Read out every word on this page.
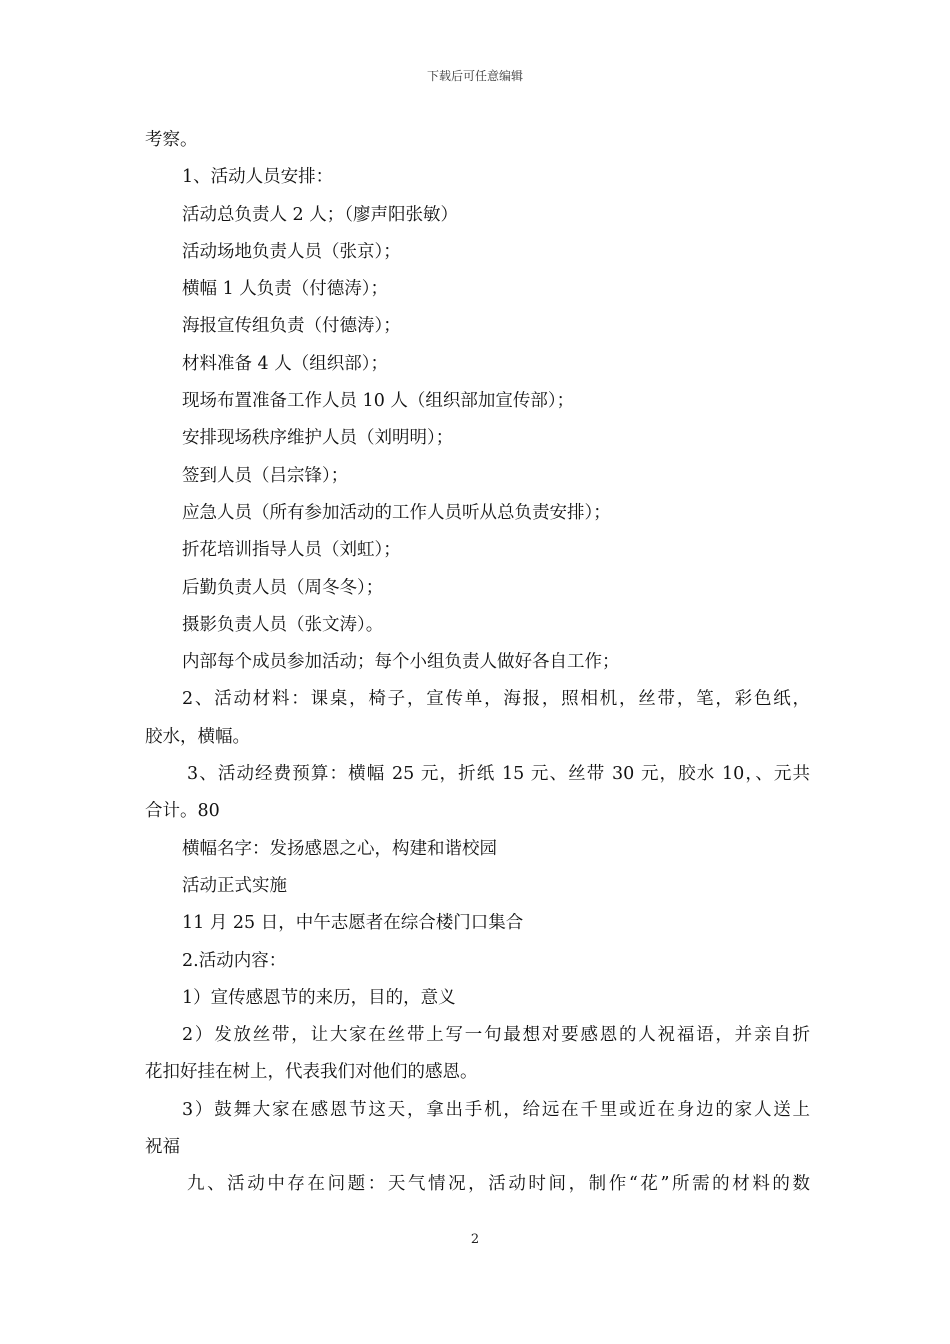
下载后可任意编辑
考察。
1、活动人员安排：
活动总负责人 2 人；（廖声阳张敏）
活动场地负责人员（张京）；
横幅 1 人负责（付德涛）；
海报宣传组负责（付德涛）；
材料准备 4 人（组织部）；
现场布置准备工作人员 10 人（组织部加宣传部）；
安排现场秩序维护人员（刘明明）；
签到人员（吕宗锋）；
应急人员（所有参加活动的工作人员听从总负责安排）；
折花培训指导人员（刘虹）；
后勤负责人员（周冬冬）；
摄影负责人员（张文涛）。
内部每个成员参加活动；每个小组负责人做好各自工作；
2、活动材料：课桌，椅子，宣传单，海报，照相机，丝带，笔，彩色纸，
胶水，横幅。
3、活动经费预算：横幅 25 元，折纸 15 元、丝带 30 元，胶水 10，、元共
合计。80
横幅名字：发扬感恩之心，构建和谐校园
活动正式实施
11 月 25 日，中午志愿者在综合楼门口集合
2.活动内容：
1）宣传感恩节的来历，目的，意义
2）发放丝带，让大家在丝带上写一句最想对要感恩的人祝福语，并亲自折
花扣好挂在树上，代表我们对他们的感恩。
3）鼓舞大家在感恩节这天，拿出手机，给远在千里或近在身边的家人送上
祝福
九、活动中存在问题：天气情况，活动时间，制作“花”所需的材料的数
2
